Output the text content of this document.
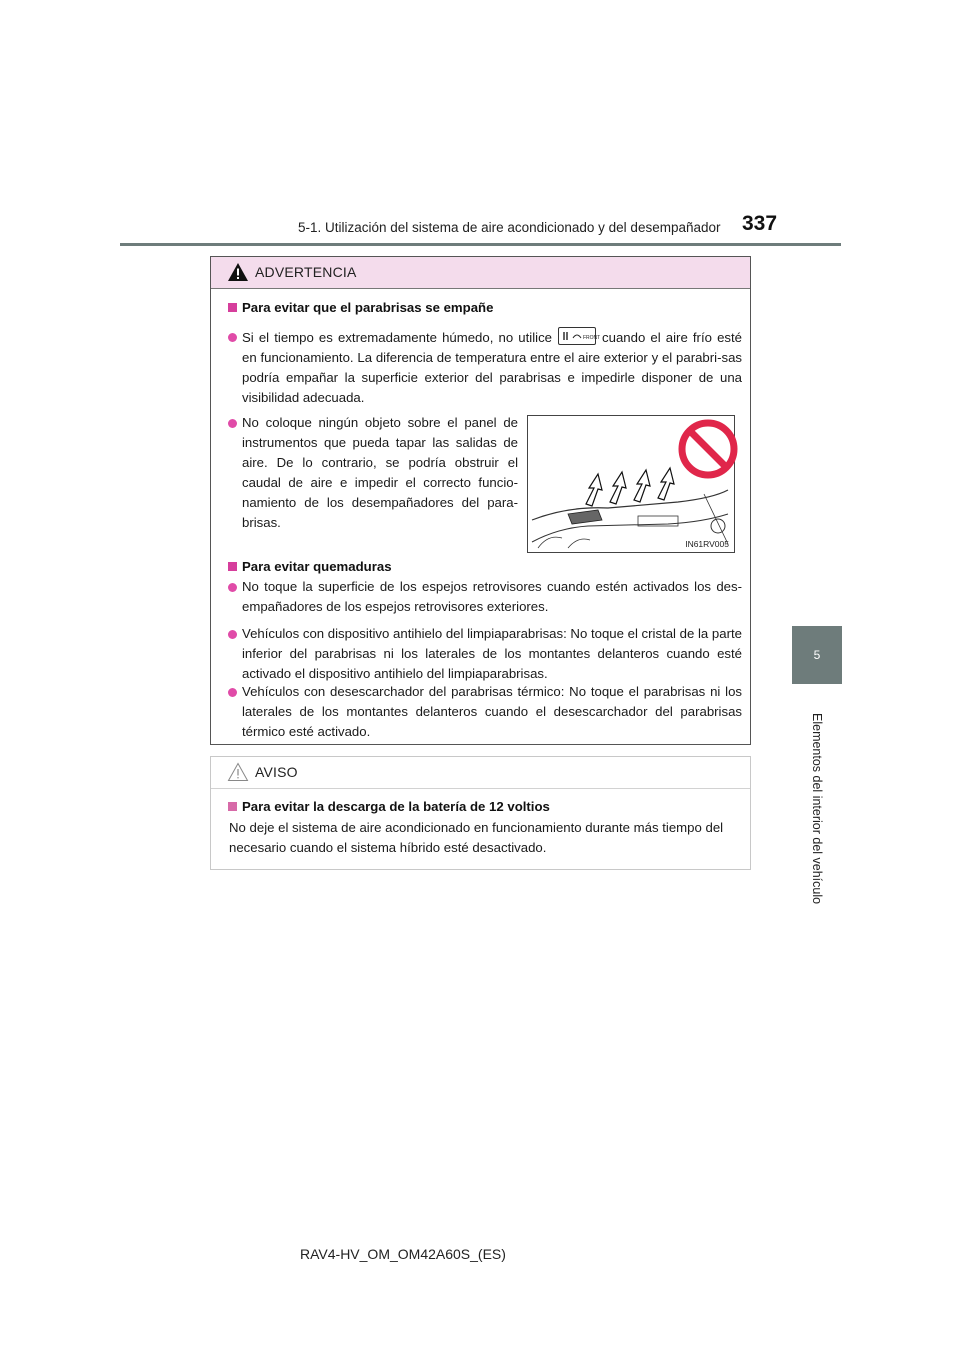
5-1. Utilización del sistema de aire acondicionado y del desempañador 337
5
Elementos del interior del vehículo
ADVERTENCIA
Para evitar que el parabrisas se empañe
Si el tiempo es extremadamente húmedo, no utilice	FRONT cuando el aire frío esté en funcionamiento. La diferencia de temperatura entre el aire exterior y el parabri-sas podría empañar la superficie exterior del parabrisas e impedirle disponer de una visibilidad adecuada.
No coloque ningún objeto sobre el panel de instrumentos que pueda tapar las salidas de aire. De lo contrario, se podría obstruir el caudal de aire e impedir el correcto funcio-namiento de los desempañadores del para-brisas.
IN61RV005
Para evitar quemaduras
No toque la superficie de los espejos retrovisores cuando estén activados los des-empañadores de los espejos retrovisores exteriores.
Vehículos con dispositivo antihielo del limpiaparabrisas: No toque el cristal de la parte inferior del parabrisas ni los laterales de los montantes delanteros cuando esté activado el dispositivo antihielo del limpiaparabrisas.
Vehículos con desescarchador del parabrisas térmico: No toque el parabrisas ni los laterales de los montantes delanteros cuando el desescarchador del parabrisas térmico esté activado.
AVISO
Para evitar la descarga de la batería de 12 voltios
No deje el sistema de aire acondicionado en funcionamiento durante más tiempo del necesario cuando el sistema híbrido esté desactivado.
RAV4-HV_OM_OM42A60S_(ES)
